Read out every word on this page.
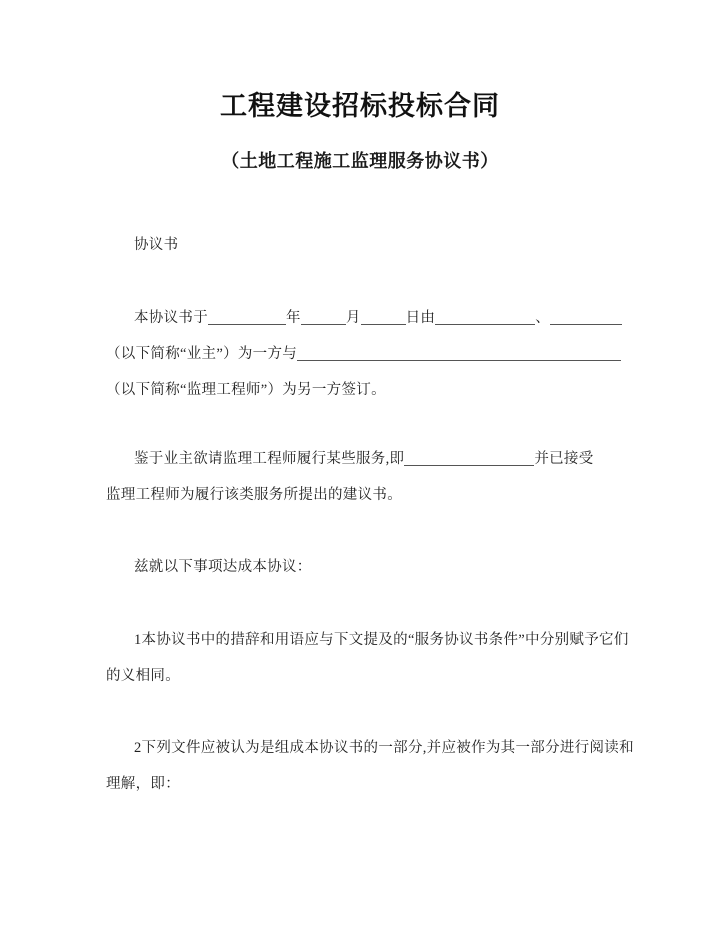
工程建设招标投标合同
（土地工程施工监理服务协议书）
协议书
本协议书于	年	月	日由	、
（以下简称“业主”）为一方与
（以下简称“监理工程师”）为另一方签订。
鉴于业主欲请监理工程师履行某些服务,即	并已接受
监理工程师为履行该类服务所提出的建议书。
兹就以下事项达成本协议：
1本协议书中的措辞和用语应与下文提及的“服务协议书条件”中分别赋予它们
的义相同。
2下列文件应被认为是组成本协议书的一部分,并应被作为其一部分进行阅读和
理解，即：
